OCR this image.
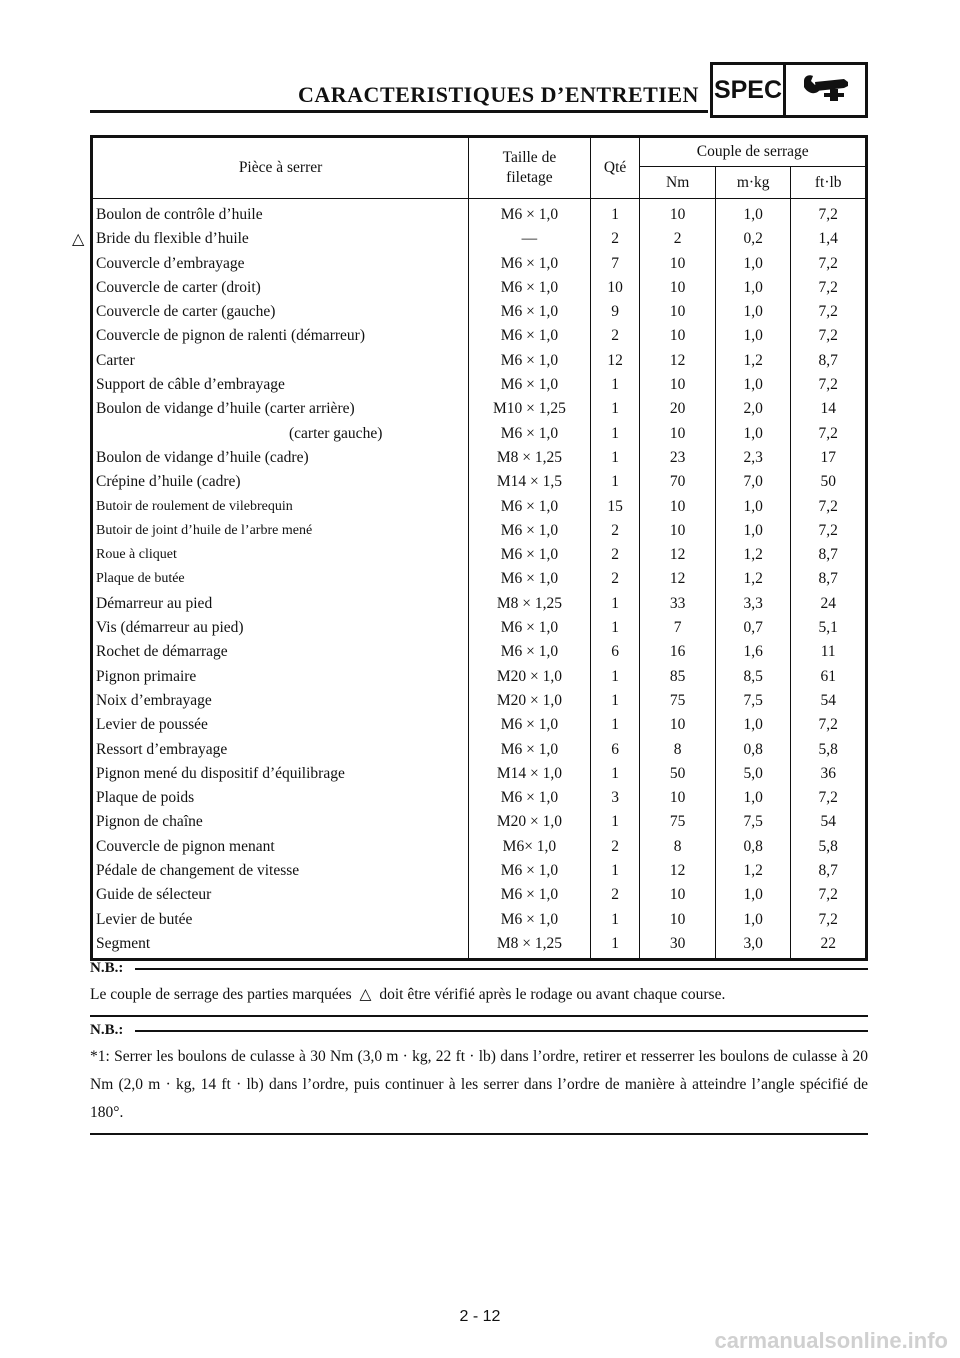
CARACTERISTIQUES D’ENTRETIEN SPEC
Pièce à serrer	Taille de filetage	Qté	Couple de serrage		
			Nm	m·kg	ft·lb
Boulon de contrôle d’huile	M6 × 1,0	1	10	1,0	7,2
Bride du flexible d’huile	—	2	2	0,2	1,4
Couvercle d’embrayage	M6 × 1,0	7	10	1,0	7,2
Couvercle de carter (droit)	M6 × 1,0	10	10	1,0	7,2
Couvercle de carter (gauche)	M6 × 1,0	9	10	1,0	7,2
Couvercle de pignon de ralenti (démarreur)	M6 × 1,0	2	10	1,0	7,2
Carter	M6 × 1,0	12	12	1,2	8,7
Support de câble d’embrayage	M6 × 1,0	1	10	1,0	7,2
Boulon de vidange d’huile (carter arrière)	M10 × 1,25	1	20	2,0	14
(carter gauche)	M6 × 1,0	1	10	1,0	7,2
Boulon de vidange d’huile (cadre)	M8 × 1,25	1	23	2,3	17
Crépine d’huile (cadre)	M14 × 1,5	1	70	7,0	50
Butoir de roulement de vilebrequin	M6 × 1,0	15	10	1,0	7,2
Butoir de joint d’huile de l’arbre mené	M6 × 1,0	2	10	1,0	7,2
Roue à cliquet	M6 × 1,0	2	12	1,2	8,7
Plaque de butée	M6 × 1,0	2	12	1,2	8,7
Démarreur au pied	M8 × 1,25	1	33	3,3	24
Vis (démarreur au pied)	M6 × 1,0	1	7	0,7	5,1
Rochet de démarrage	M6 × 1,0	6	16	1,6	11
Pignon primaire	M20 × 1,0	1	85	8,5	61
Noix d’embrayage	M20 × 1,0	1	75	7,5	54
Levier de poussée	M6 × 1,0	1	10	1,0	7,2
Ressort d’embrayage	M6 × 1,0	6	8	0,8	5,8
Pignon mené du dispositif d’équilibrage	M14 × 1,0	1	50	5,0	36
Plaque de poids	M6 × 1,0	3	10	1,0	7,2
Pignon de chaîne	M20 × 1,0	1	75	7,5	54
Couvercle de pignon menant	M6× 1,0	2	8	0,8	5,8
Pédale de changement de vitesse	M6 × 1,0	1	12	1,2	8,7
Guide de sélecteur	M6 × 1,0	2	10	1,0	7,2
Levier de butée	M6 × 1,0	1	10	1,0	7,2
Segment	M8 × 1,25	1	30	3,0	22
△
N.B.:
Le couple de serrage des parties marquées △ doit être vérifié après le rodage ou avant chaque course.
N.B.:
*1: Serrer les boulons de culasse à 30 Nm (3,0 m · kg, 22 ft · lb) dans l’ordre, retirer et resserrer les boulons de culasse à 20 Nm (2,0 m · kg, 14 ft · lb) dans l’ordre, puis continuer à les serrer dans l’ordre de manière à atteindre l’angle spécifié de 180°.
2 - 12
carmanualsonline.info
